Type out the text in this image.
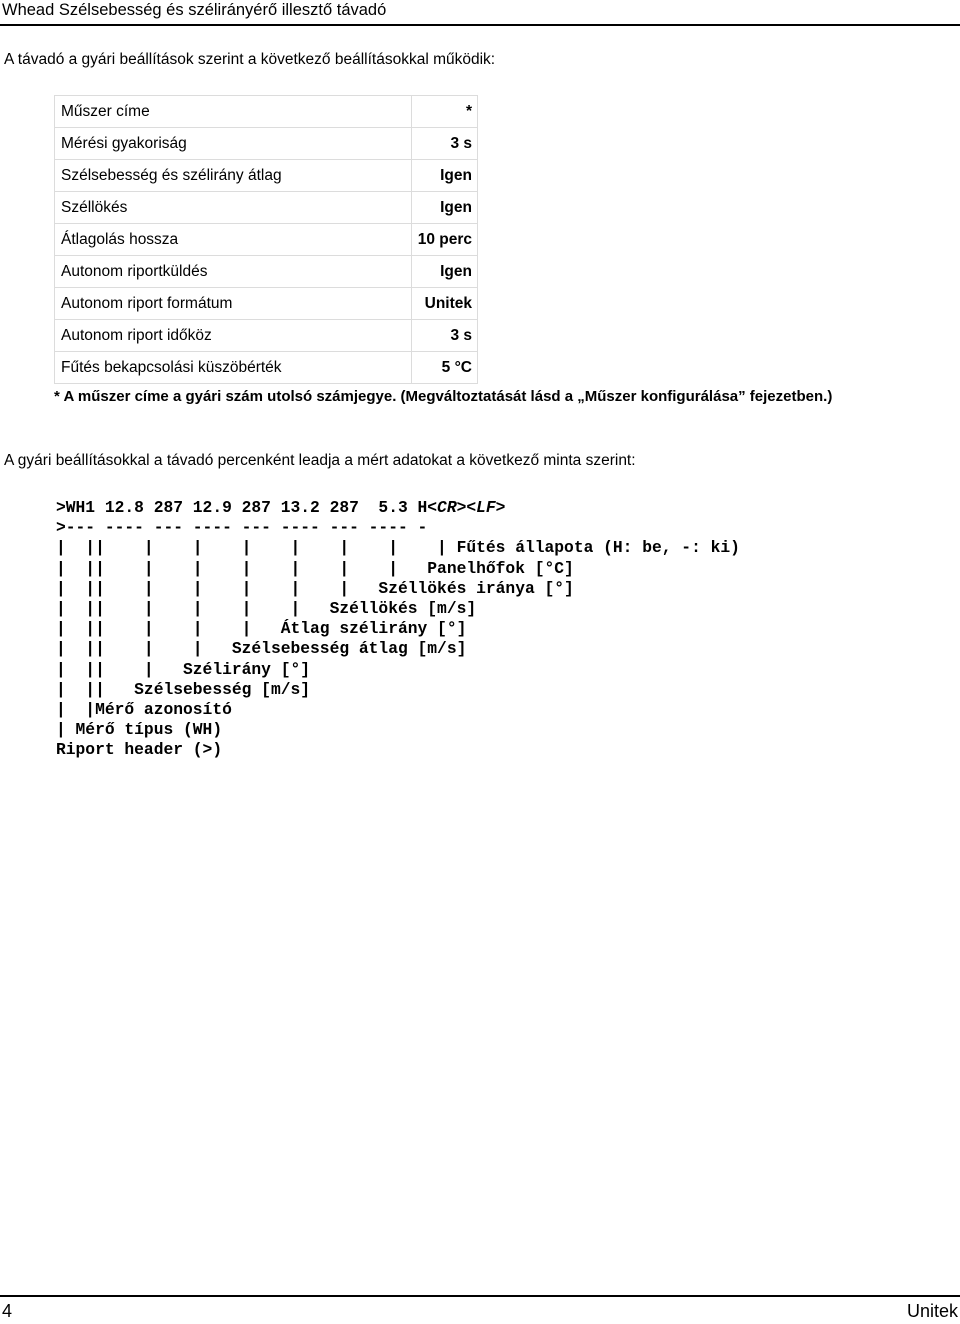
Whead Szélsebesség és szélirányérő illesztő távadó
A távadó a gyári beállítások szerint a következő beállításokkal működik:
Műszer címe	*
Mérési gyakoriság	3 s
Szélsebesség és szélirány átlag	Igen
Széllökés	Igen
Átlagolás hossza	10 perc
Autonom riportküldés	Igen
Autonom riport formátum	Unitek
Autonom riport időköz	3 s
Fűtés bekapcsolási küszöbérték	5 °C
* A műszer címe a gyári szám utolsó számjegye. (Megváltoztatását lásd a „Műszer konfigurálása” fejezetben.)
A gyári beállításokkal a távadó percenként leadja a mért adatokat a következő minta szerint:
>WH1 12.8 287 12.9 287 13.2 287  5.3 H<CR><LF>
>--- ---- --- ---- --- ---- --- ---- -
|  ||    |    |    |    |    |    |    | Fűtés állapota (H: be, -: ki)
|  ||    |    |    |    |    |    |   Panelhőfok [°C]
|  ||    |    |    |    |    |   Széllökés iránya [°]
|  ||    |    |    |    |   Széllökés [m/s]
|  ||    |    |    |   Átlag szélirány [°]
|  ||    |    |   Szélsebesség átlag [m/s]
|  ||    |   Szélirány [°]
|  ||   Szélsebesség [m/s]
|  |Mérő azonosító
| Mérő típus (WH)
Riport header (>)
4	Unitek
